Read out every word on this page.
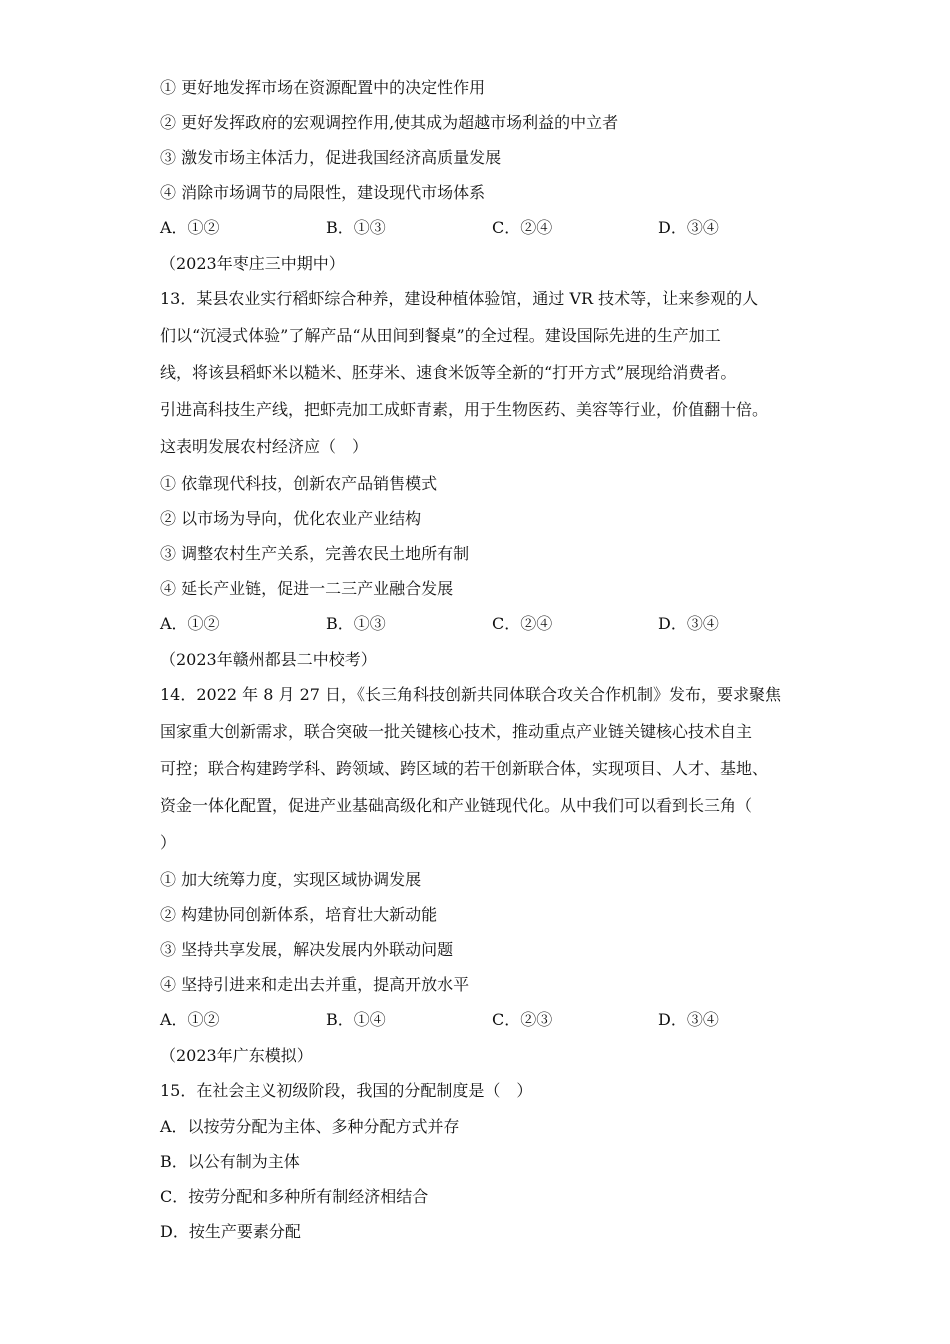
① 更好地发挥市场在资源配置中的决定性作用
② 更好发挥政府的宏观调控作用,使其成为超越市场利益的中立者
③ 激发市场主体活力，促进我国经济高质量发展
④ 消除市场调节的局限性，建设现代市场体系
A．①②	B．①③	C．②④	D．③④
（2023年枣庄三中期中）
13．某县农业实行稻虾综合种养，建设种植体验馆，通过 VR 技术等，让来参观的人
们以“沉浸式体验”了解产品“从田间到餐桌”的全过程。建设国际先进的生产加工
线，将该县稻虾米以糙米、胚芽米、速食米饭等全新的“打开方式”展现给消费者。
引进高科技生产线，把虾壳加工成虾青素，用于生物医药、美容等行业，价值翻十倍。
这表明发展农村经济应（　）
① 依靠现代科技，创新农产品销售模式
② 以市场为导向，优化农业产业结构
③ 调整农村生产关系，完善农民土地所有制
④ 延长产业链，促进一二三产业融合发展
A．①②	B．①③	C．②④	D．③④
（2023年赣州都县二中校考）
14．2022 年 8 月 27 日，《长三角科技创新共同体联合攻关合作机制》发布，要求聚焦
国家重大创新需求，联合突破一批关键核心技术，推动重点产业链关键核心技术自主
可控；联合构建跨学科、跨领域、跨区域的若干创新联合体，实现项目、人才、基地、
资金一体化配置，促进产业基础高级化和产业链现代化。从中我们可以看到长三角（
）
① 加大统筹力度，实现区域协调发展
② 构建协同创新体系，培育壮大新动能
③ 坚持共享发展，解决发展内外联动问题
④ 坚持引进来和走出去并重，提高开放水平
A．①②	B．①④	C．②③	D．③④
（2023年广东模拟）
15．在社会主义初级阶段，我国的分配制度是（　）
A．以按劳分配为主体、多种分配方式并存
B．以公有制为主体
C．按劳分配和多种所有制经济相结合
D．按生产要素分配
